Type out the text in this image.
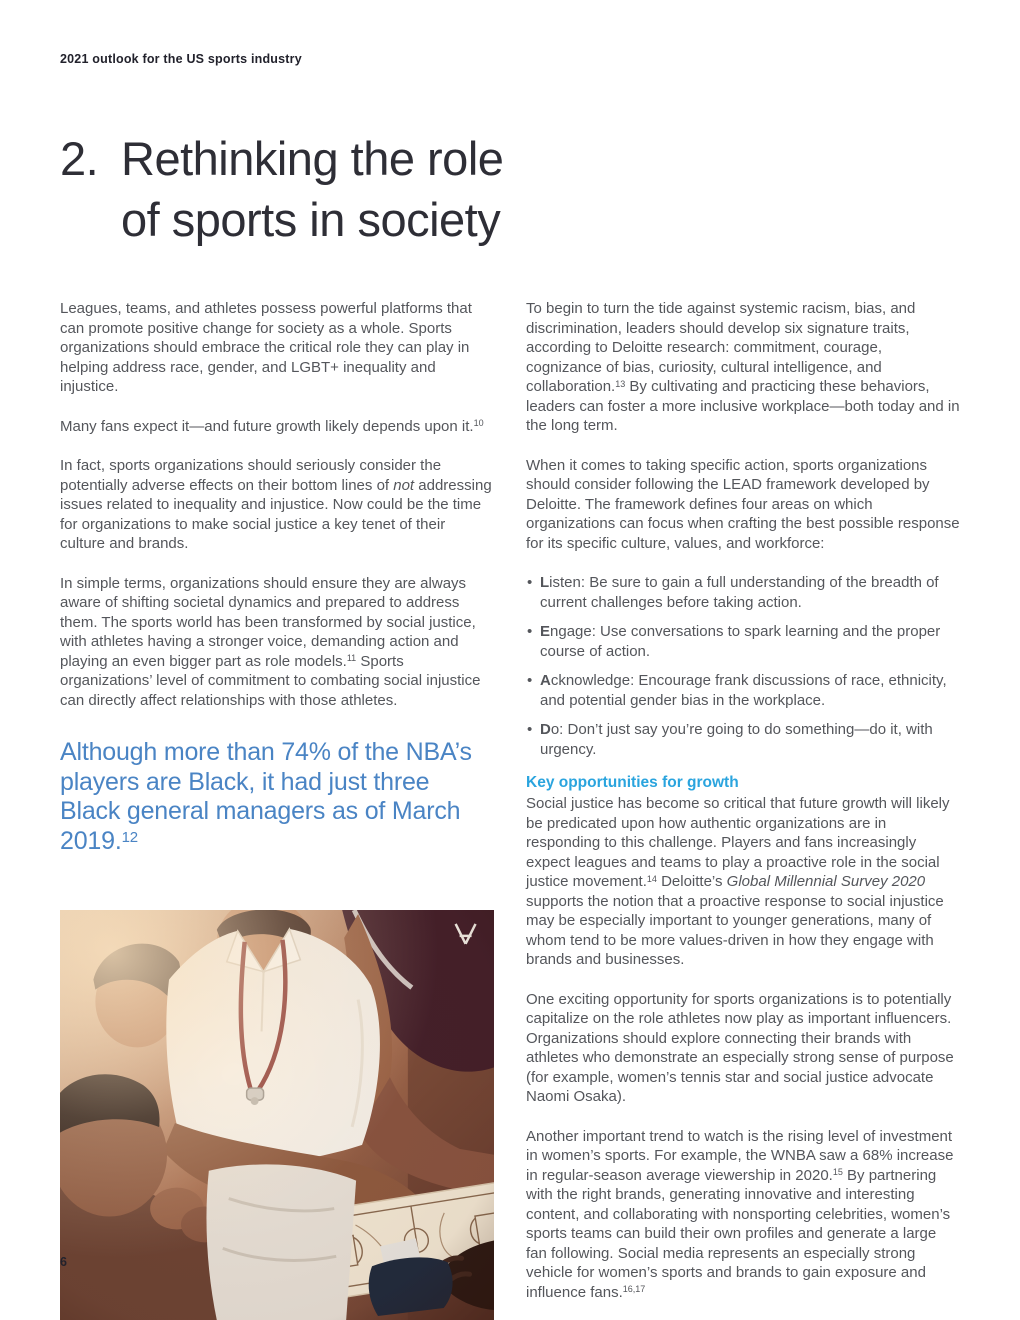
2021 outlook for the US sports industry
2. Rethinking the role
of sports in society

Leagues, teams, and athletes possess powerful platforms that can promote positive change for society as a whole. Sports organizations should embrace the critical role they can play in helping address race, gender, and LGBT+ inequality and injustice.

Many fans expect it—and future growth likely depends upon it.$^{10}$

In fact, sports organizations should seriously consider the potentially adverse effects on their bottom lines of not addressing issues related to inequality and injustice. Now could be the time for organizations to make social justice a key tenet of their culture and brands.

In simple terms, organizations should ensure they are always aware of shifting societal dynamics and prepared to address them. The sports world has been transformed by social justice, with athletes having a stronger voice, demanding action and playing an even bigger part as role models.$^{11}$ Sports organizations’ level of commitment to combating social injustice can directly affect relationships with those athletes.

Although more than 74% of the NBA’s players are Black, it had just three Black general managers as of March 2019.12

To begin to turn the tide against systemic racism, bias, and discrimination, leaders should develop six signature traits, according to Deloitte research: commitment, courage, cognizance of bias, curiosity, cultural intelligence, and collaboration.$^{13}$ By cultivating and practicing these behaviors, leaders can foster a more inclusive workplace—both today and in the long term.

When it comes to taking specific action, sports organizations should consider following the LEAD framework developed by Deloitte. The framework defines four areas on which organizations can focus when crafting the best possible response for its specific culture, values, and workforce:

• Listen: Be sure to gain a full understanding of the breadth of current challenges before taking action.
• Engage: Use conversations to spark learning and the proper course of action.
• Acknowledge: Encourage frank discussions of race, ethnicity, and potential gender bias in the workplace.
• Do: Don’t just say you’re going to do something—do it, with urgency.
Key opportunities for growth

Social justice has become so critical that future growth will likely be predicated upon how authentic organizations are in responding to this challenge. Players and fans increasingly expect leagues and teams to play a proactive role in the social justice movement.$^{14}$ Deloitte’s Global Millennial Survey 2020 supports the notion that a proactive response to social injustice may be especially important to younger generations, many of whom tend to be more values-driven in how they engage with brands and businesses.

One exciting opportunity for sports organizations is to potentially capitalize on the role athletes now play as important influencers. Organizations should explore connecting their brands with athletes who demonstrate an especially strong sense of purpose (for example, women’s tennis star and social justice advocate Naomi Osaka).

Another important trend to watch is the rising level of investment in women’s sports. For example, the WNBA saw a 68% increase in regular-season average viewership in 2020.15 By partnering with the right brands, generating innovative and interesting content, and collaborating with nonsporting celebrities, women’s sports teams can build their own profiles and generate a large fan following. Social media represents an especially strong vehicle for women’s sports and brands to gain exposure and influence fans.$^{16,17}$

6
